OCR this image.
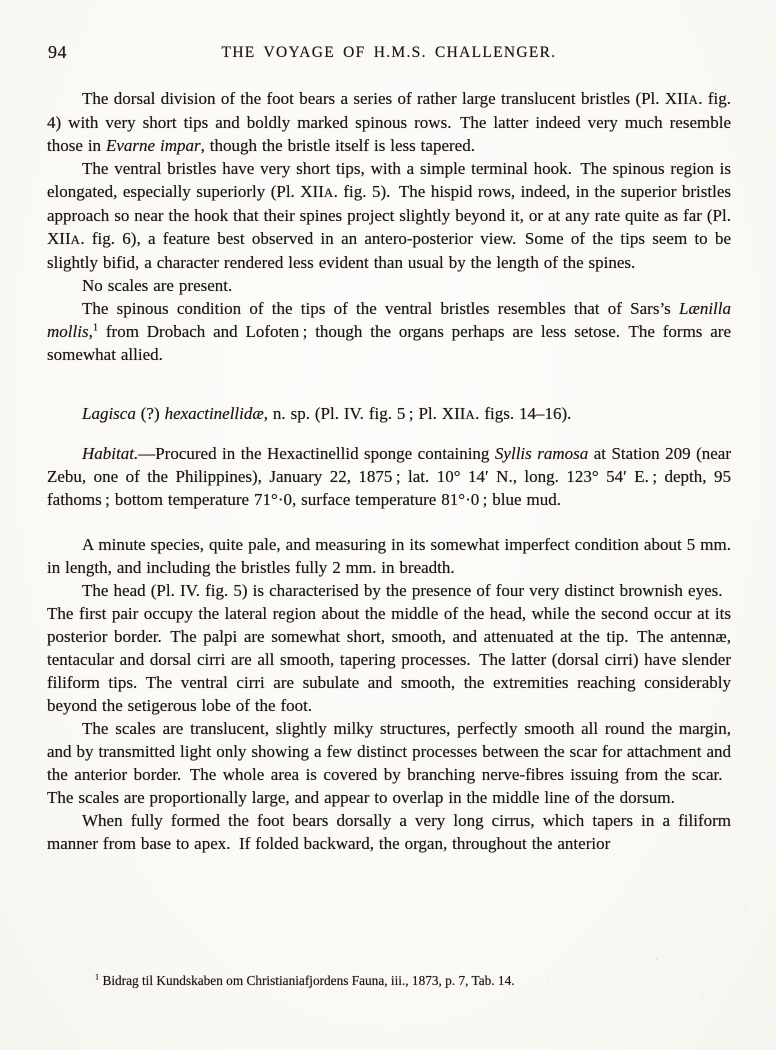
94	THE VOYAGE OF H.M.S. CHALLENGER.

The dorsal division of the foot bears a series of rather large translucent bristles (Pl. XIIA. fig. 4) with very short tips and boldly marked spinous rows. The latter indeed very much resemble those in Evarne impar, though the bristle itself is less tapered.

The ventral bristles have very short tips, with a simple terminal hook. The spinous region is elongated, especially superiorly (Pl. XIIA. fig. 5). The hispid rows, indeed, in the superior bristles approach so near the hook that their spines project slightly beyond it, or at any rate quite as far (Pl. XIIA. fig. 6), a feature best observed in an antero-posterior view. Some of the tips seem to be slightly bifid, a character rendered less evident than usual by the length of the spines.

No scales are present.

The spinous condition of the tips of the ventral bristles resembles that of Sars’s Lænilla mollis,$^1$ from Drobach and Lofoten ; though the organs perhaps are less setose. The forms are somewhat allied.

Lagisca (?) hexactinellidæ, n. sp. (Pl. IV. fig. 5 ; Pl. XIIA. figs. 14–16).

Habitat.—Procured in the Hexactinellid sponge containing Syllis ramosa at Station 209 (near Zebu, one of the Philippines), January 22, 1875 ; lat. 10° 14′ N., long. 123° 54′ E. ; depth, 95 fathoms ; bottom temperature 71°·0, surface temperature 81°·0 ; blue mud.

A minute species, quite pale, and measuring in its somewhat imperfect condition about 5 mm. in length, and including the bristles fully 2 mm. in breadth.

The head (Pl. IV. fig. 5) is characterised by the presence of four very distinct brownish eyes. The first pair occupy the lateral region about the middle of the head, while the second occur at its posterior border. The palpi are somewhat short, smooth, and attenuated at the tip. The antennæ, tentacular and dorsal cirri are all smooth, tapering processes. The latter (dorsal cirri) have slender filiform tips. The ventral cirri are subulate and smooth, the extremities reaching considerably beyond the setigerous lobe of the foot.

The scales are translucent, slightly milky structures, perfectly smooth all round the margin, and by transmitted light only showing a few distinct processes between the scar for attachment and the anterior border. The whole area is covered by branching nerve-fibres issuing from the scar. The scales are proportionally large, and appear to overlap in the middle line of the dorsum.

When fully formed the foot bears dorsally a very long cirrus, which tapers in a filiform manner from base to apex. If folded backward, the organ, throughout the anterior

$^1$ Bidrag til Kundskaben om Christianiafjordens Fauna, iii., 1873, p. 7, Tab. 14.
